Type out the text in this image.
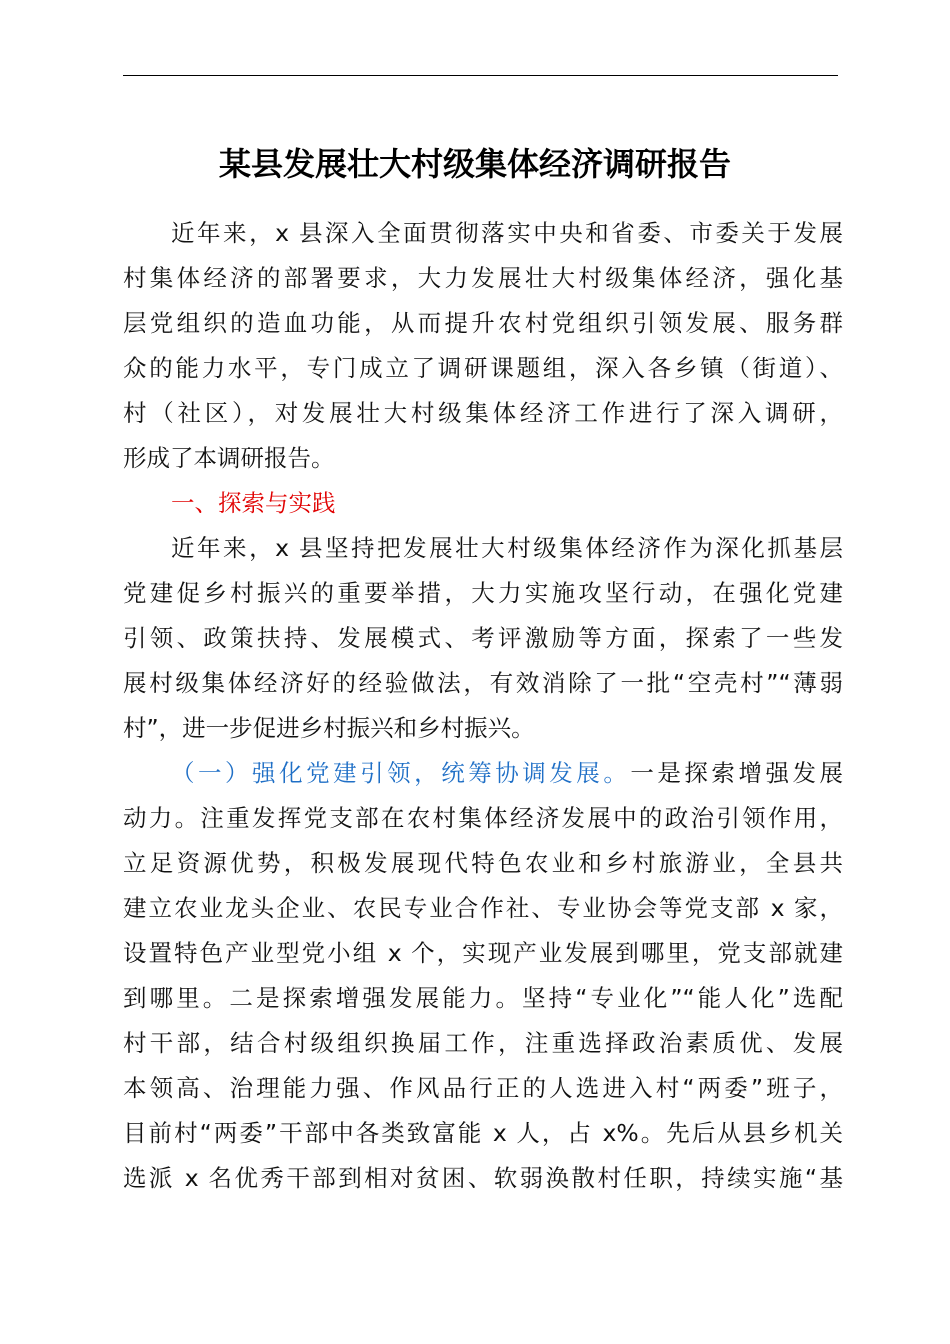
某县发展壮大村级集体经济调研报告
近年来，x 县深入全面贯彻落实中央和省委、市委关于发展
村集体经济的部署要求，大力发展壮大村级集体经济，强化基
层党组织的造血功能，从而提升农村党组织引领发展、服务群
众的能力水平，专门成立了调研课题组，深入各乡镇（街道）、
村（社区），对发展壮大村级集体经济工作进行了深入调研，
形成了本调研报告。
一、探索与实践
近年来，x 县坚持把发展壮大村级集体经济作为深化抓基层
党建促乡村振兴的重要举措，大力实施攻坚行动，在强化党建
引领、政策扶持、发展模式、考评激励等方面，探索了一些发
展村级集体经济好的经验做法，有效消除了一批“空壳村”“薄弱
村”，进一步促进乡村振兴和乡村振兴。
（一）强化党建引领，统筹协调发展。一是探索增强发展
动力。注重发挥党支部在农村集体经济发展中的政治引领作用，
立足资源优势，积极发展现代特色农业和乡村旅游业，全县共
建立农业龙头企业、农民专业合作社、专业协会等党支部 x 家，
设置特色产业型党小组 x 个，实现产业发展到哪里，党支部就建
到哪里。二是探索增强发展能力。坚持“专业化”“能人化”选配
村干部，结合村级组织换届工作，注重选择政治素质优、发展
本领高、治理能力强、作风品行正的人选进入村“两委”班子，
目前村“两委”干部中各类致富能 x 人，占 x%。先后从县乡机关
选派 x 名优秀干部到相对贫困、软弱涣散村任职，持续实施“基
